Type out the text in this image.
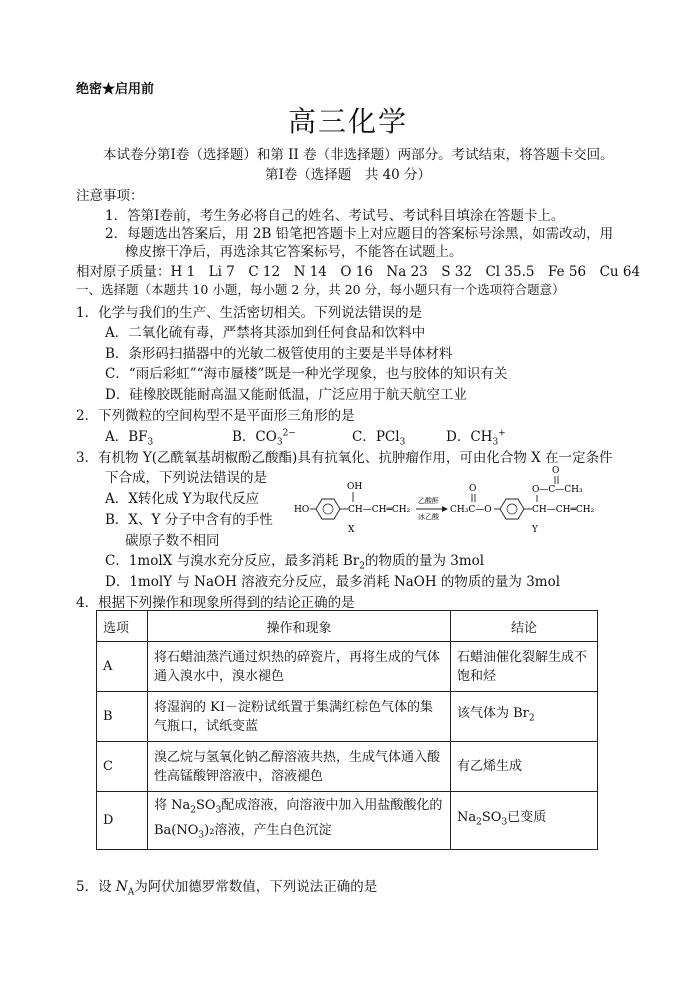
绝密★启用前
高三化学
本试卷分第Ⅰ卷（选择题）和第 II 卷（非选择题）两部分。考试结束，将答题卡交回。
第Ⅰ卷（选择题　共 40 分）
注意事项：
1．答第Ⅰ卷前，考生务必将自己的姓名、考试号、考试科目填涂在答题卡上。
2．每题选出答案后，用 2B 铅笔把答题卡上对应题目的答案标号涂黑，如需改动，用
橡皮擦干净后，再选涂其它答案标号，不能答在试题上。
相对原子质量：H 1　Li 7　C 12　N 14　O 16　Na 23　S 32　Cl 35.5　Fe 56　Cu 64
一、选择题（本题共 10 小题，每小题 2 分，共 20 分，每小题只有一个选项符合题意）
1．化学与我们的生产、生活密切相关。下列说法错误的是
A．二氧化硫有毒，严禁将其添加到任何食品和饮料中
B．条形码扫描器中的光敏二极管使用的主要是半导体材料
C．“雨后彩虹”“海市蜃楼”既是一种光学现象，也与胶体的知识有关
D．硅橡胶既能耐高温又能耐低温，广泛应用于航天航空工业
2．下列微粒的空间构型不是平面形三角形的是
A．$BF_3$	B．$CO_3^{2-}$	C．PCl$_3$	D．$CH_3^+$
3．有机物 Y(乙酰氧基胡椒酚乙酸酯)具有抗氧化、抗肿瘤作用，可由化合物 X 在一定条件
下合成，下列说法错误的是
A．X转化成 Y为取代反应
B．X、Y 分子中含有的手性
碳原子数不相同
C．1molX 与溴水充分反应，最多消耗 $Br_2$的物质的量为 3mol
D．1molY 与 NaOH 溶液充分反应，最多消耗 NaOH 的物质的量为 3mol
HO	CH—CH═CH₂
OH
X
乙酸酐
冰乙酸
CH₃C—O
O
CH—CH═CH₂
O—C—CH₃
O
Y
4．根据下列操作和现象所得到的结论正确的是
选项	操作和现象	结论
A	将石蜡油蒸汽通过炽热的碎瓷片，再将生成的气体通入溴水中，溴水褪色	石蜡油催化裂解生成不饱和烃
B	将湿润的 KI－淀粉试纸置于集满红棕色气体的集气瓶口，试纸变蓝	该气体为 $Br_2$
C	溴乙烷与氢氧化钠乙醇溶液共热，生成气体通入酸性高锰酸钾溶液中，溶液褪色	有乙烯生成
D	将 $Na_2SO_3$配成溶液，向溶液中加入用盐酸酸化的 $Ba(NO_3)_2$溶液，产生白色沉淀	$Na_2SO_3$已变质
5．设 $N_A$为阿伏加德罗常数值，下列说法正确的是
